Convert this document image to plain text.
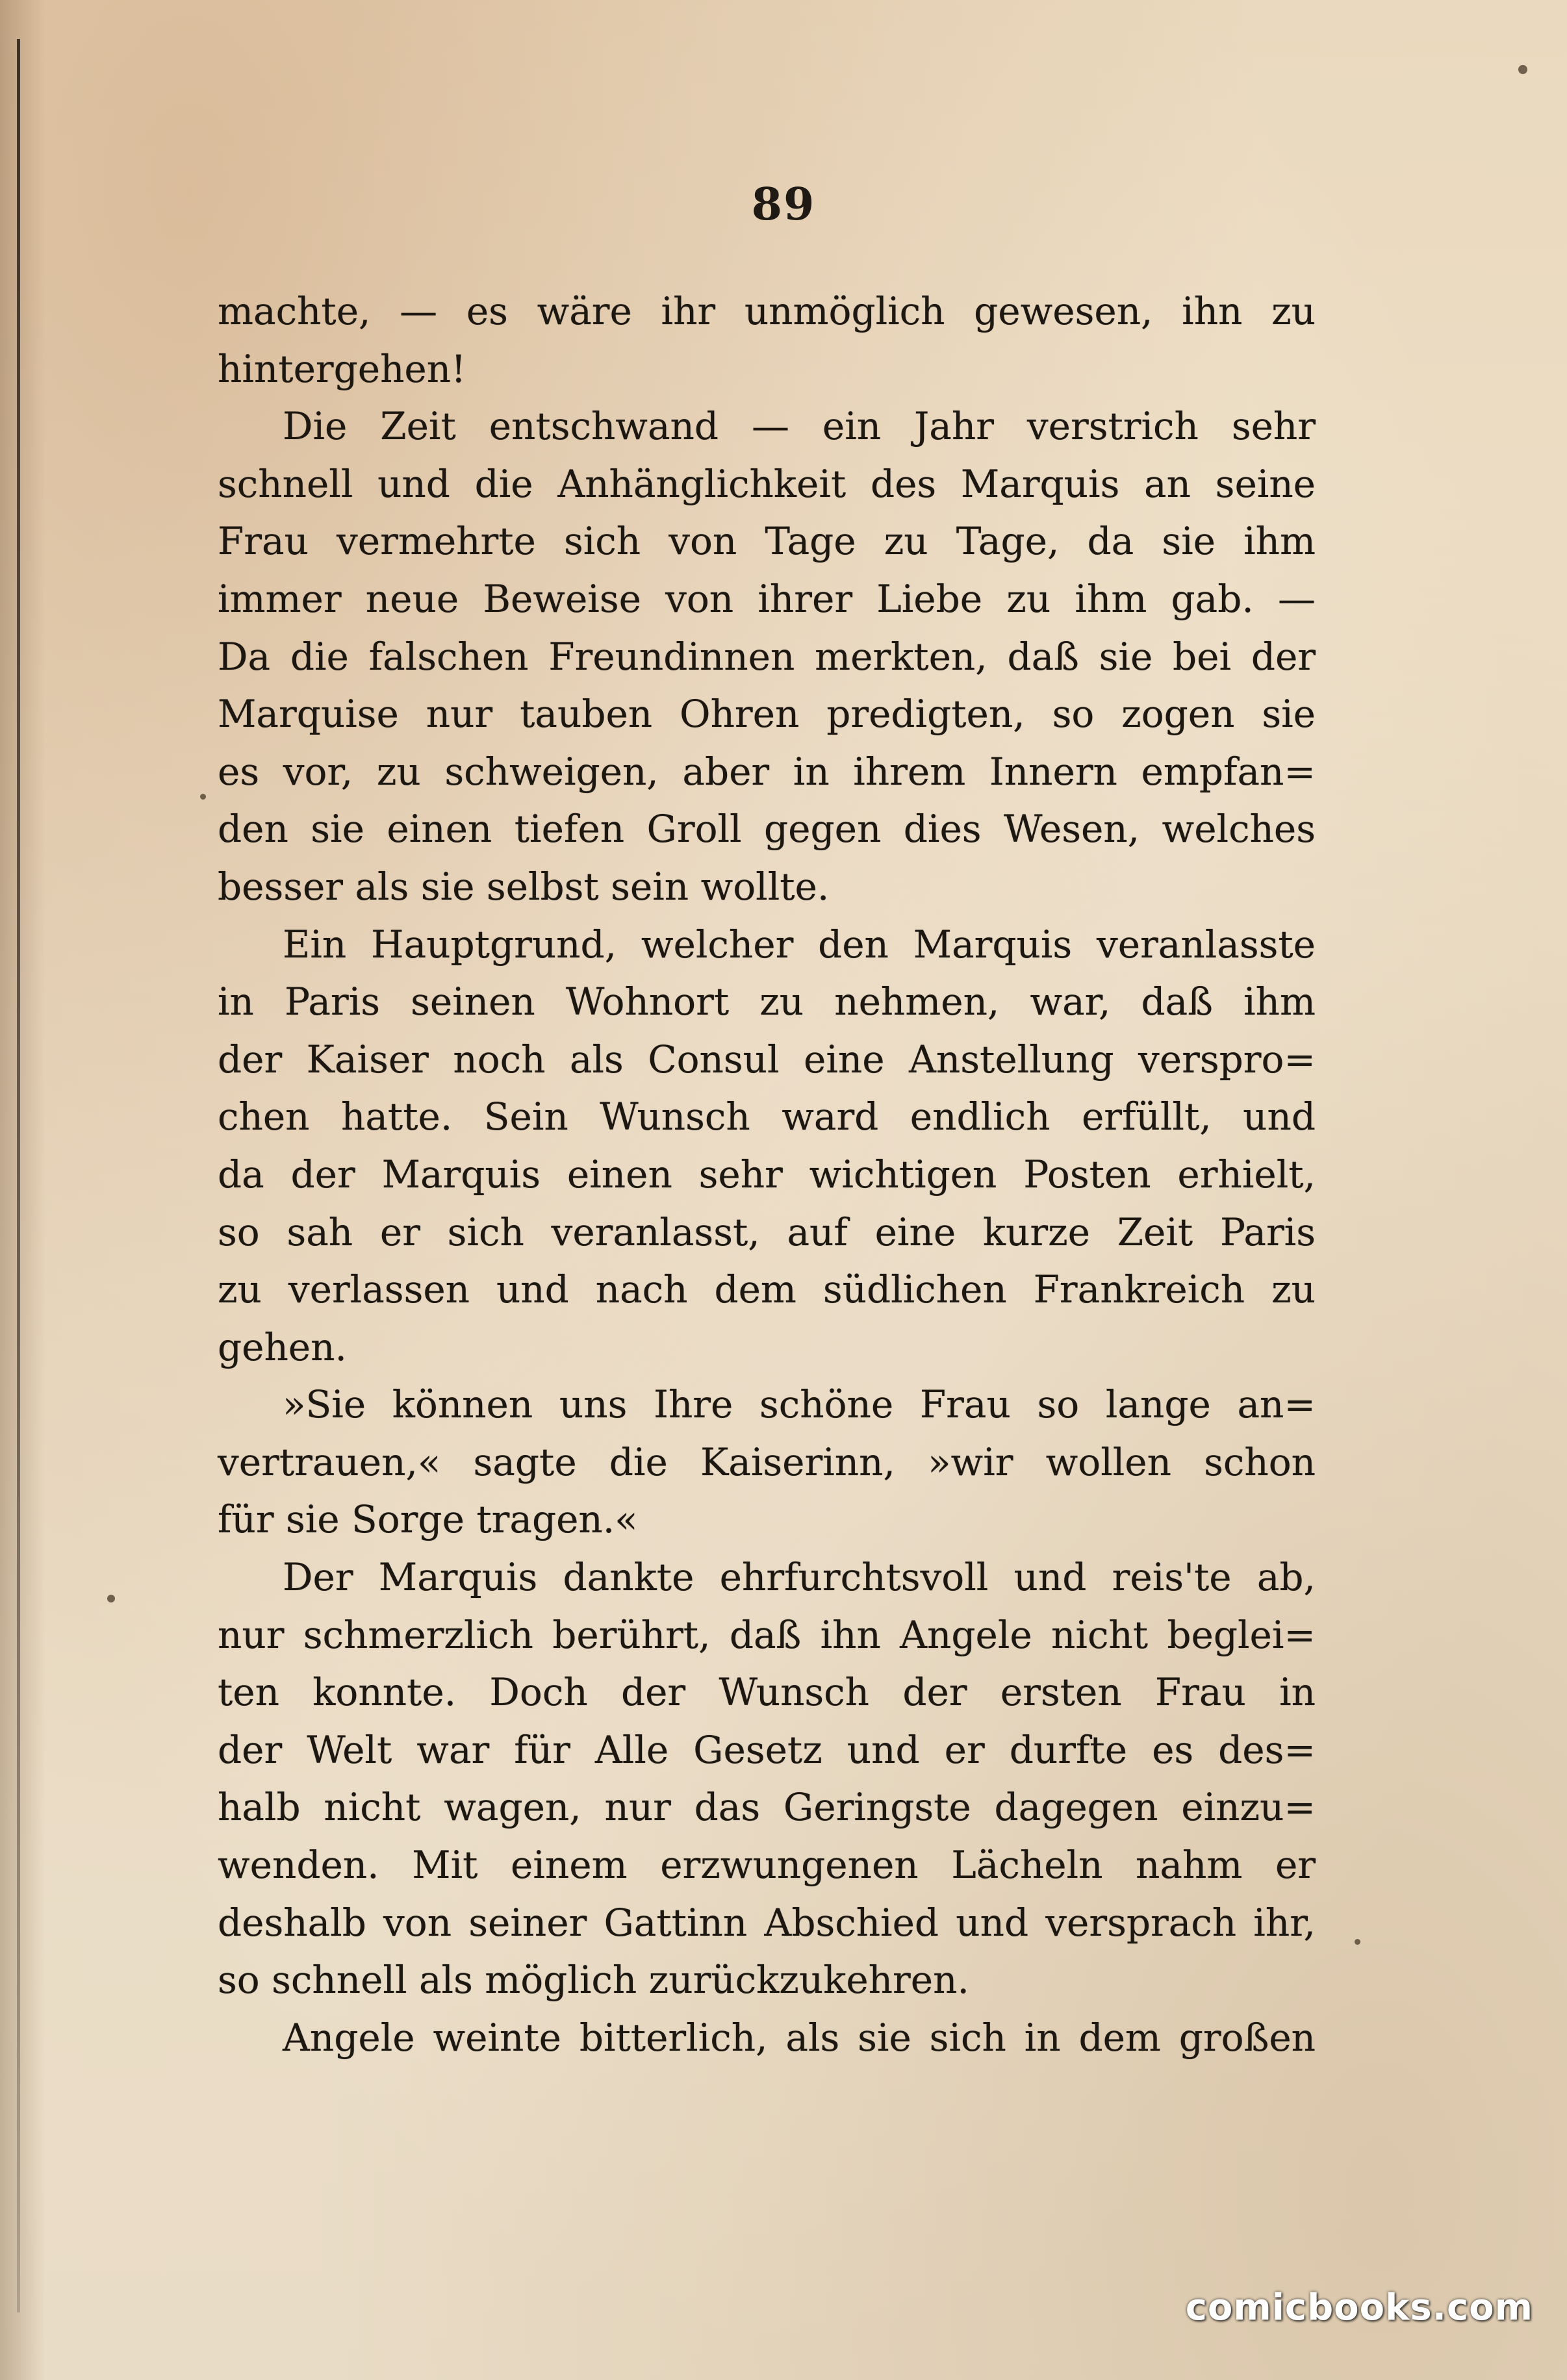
89
machte, — es wäre ihr unmöglich gewesen, ihn zu
hintergehen!
Die Zeit entschwand — ein Jahr verstrich sehr
schnell und die Anhänglichkeit des Marquis an seine
Frau vermehrte sich von Tage zu Tage, da sie ihm
immer neue Beweise von ihrer Liebe zu ihm gab. —
Da die falschen Freundinnen merkten, daß sie bei der
Marquise nur tauben Ohren predigten, so zogen sie
es vor, zu schweigen, aber in ihrem Innern empfan=
den sie einen tiefen Groll gegen dies Wesen, welches
besser als sie selbst sein wollte.
Ein Hauptgrund, welcher den Marquis veranlasste
in Paris seinen Wohnort zu nehmen, war, daß ihm
der Kaiser noch als Consul eine Anstellung verspro=
chen hatte. Sein Wunsch ward endlich erfüllt, und
da der Marquis einen sehr wichtigen Posten erhielt,
so sah er sich veranlasst, auf eine kurze Zeit Paris
zu verlassen und nach dem südlichen Frankreich zu
gehen.
»Sie können uns Ihre schöne Frau so lange an=
vertrauen,« sagte die Kaiserinn, »wir wollen schon
für sie Sorge tragen.«
Der Marquis dankte ehrfurchtsvoll und reis'te ab,
nur schmerzlich berührt, daß ihn Angele nicht beglei=
ten konnte. Doch der Wunsch der ersten Frau in
der Welt war für Alle Gesetz und er durfte es des=
halb nicht wagen, nur das Geringste dagegen einzu=
wenden. Mit einem erzwungenen Lächeln nahm er
deshalb von seiner Gattinn Abschied und versprach ihr,
so schnell als möglich zurückzukehren.
Angele weinte bitterlich, als sie sich in dem großen
comicbooks.com
